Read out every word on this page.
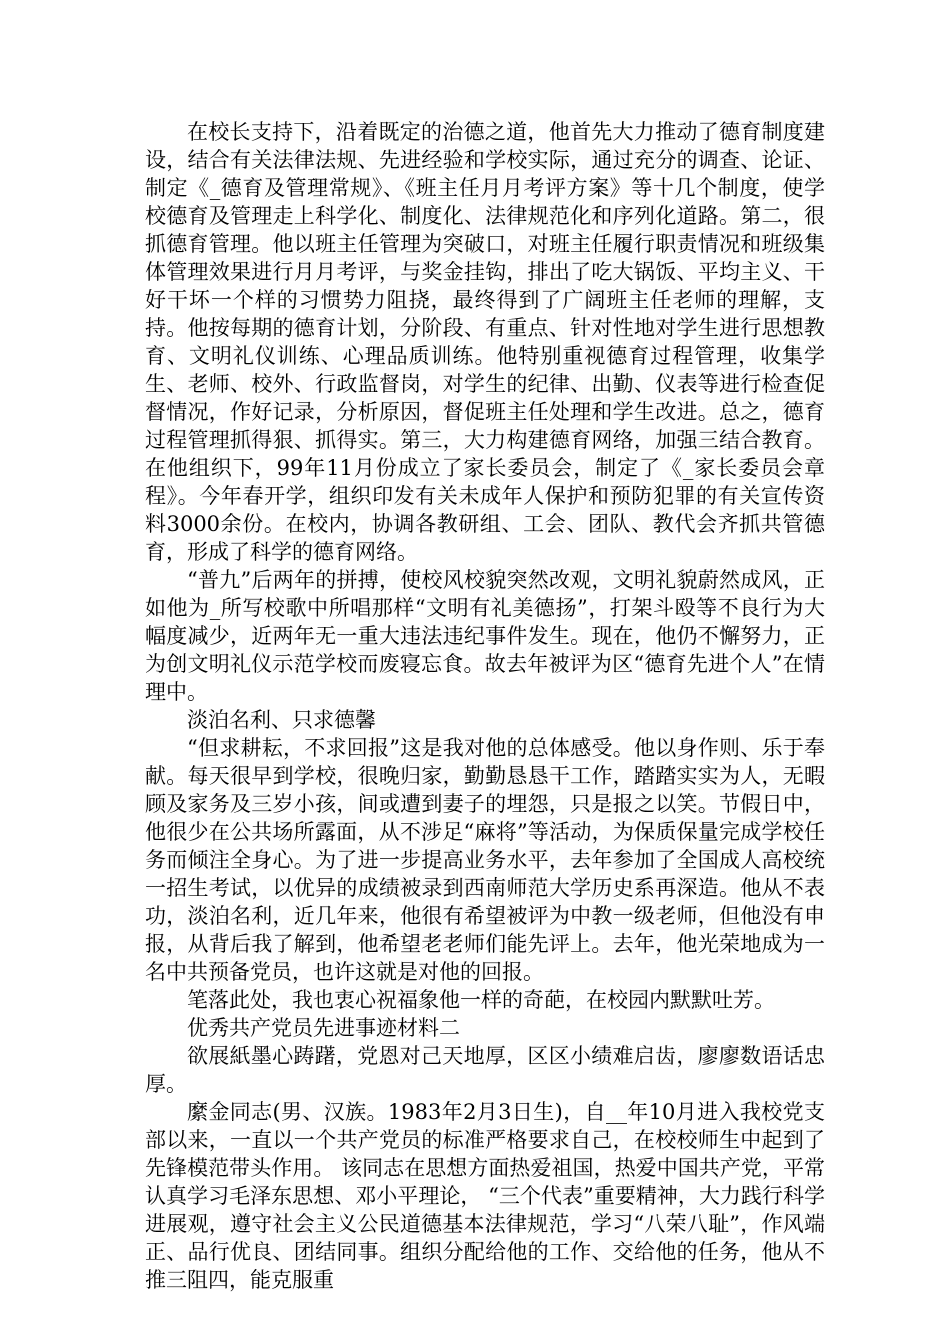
在校长支持下，沿着既定的治德之道，他首先大力推动了德育制度建设，结合有关法律法规、先进经验和学校实际，通过充分的调查、论证、制定《_德育及管理常规》、《班主任月月考评方案》等十几个制度，使学校德育及管理走上科学化、制度化、法律规范化和序列化道路。第二，很抓德育管理。他以班主任管理为突破口，对班主任履行职责情况和班级集体管理效果进行月月考评，与奖金挂钩，排出了吃大锅饭、平均主义、干好干坏一个样的习惯势力阻挠，最终得到了广阔班主任老师的理解，支持。他按每期的德育计划，分阶段、有重点、针对性地对学生进行思想教育、文明礼仪训练、心理品质训练。他特别重视德育过程管理，收集学生、老师、校外、行政监督岗，对学生的纪律、出勤、仪表等进行检查促督情况，作好记录，分析原因，督促班主任处理和学生改进。总之，德育过程管理抓得狠、抓得实。第三，大力构建德育网络，加强三结合教育。在他组织下，99年11月份成立了家长委员会，制定了《_家长委员会章程》。今年春开学，组织印发有关未成年人保护和预防犯罪的有关宣传资料3000余份。在校内，协调各教研组、工会、团队、教代会齐抓共管德育，形成了科学的德育网络。

“普九”后两年的拼搏，使校风校貌突然改观，文明礼貌蔚然成风，正如他为_所写校歌中所唱那样“文明有礼美德扬”，打架斗殴等不良行为大幅度减少，近两年无一重大违法违纪事件发生。现在，他仍不懈努力，正为创文明礼仪示范学校而废寝忘食。故去年被评为区“德育先进个人”在情理中。

淡泊名利、只求德馨

“但求耕耘，不求回报”这是我对他的总体感受。他以身作则、乐于奉献。每天很早到学校，很晚归家，勤勤恳恳干工作，踏踏实实为人，无暇顾及家务及三岁小孩，间或遭到妻子的埋怨，只是报之以笑。节假日中，他很少在公共场所露面，从不涉足“麻将”等活动，为保质保量完成学校任务而倾注全身心。为了进一步提高业务水平，去年参加了全国成人高校统一招生考试，以优异的成绩被录到西南师范大学历史系再深造。他从不表功，淡泊名利，近几年来，他很有希望被评为中教一级老师，但他没有申报，从背后我了解到，他希望老老师们能先评上。去年，他光荣地成为一名中共预备党员，也许这就是对他的回报。

笔落此处，我也衷心祝福象他一样的奇葩，在校园内默默吐芳。

优秀共产党员先进事迹材料二

欲展紙墨心踌躇，党恩对己天地厚，区区小绩难启齿，廖廖数语话忠厚。

縻金同志(男、汉族。1983年2月3日生)，自__年10月进入我校党支部以来，一直以一个共产党员的标准严格要求自己，在校校师生中起到了先锋模范带头作用。 该同志在思想方面热爱祖国，热爱中国共产党，平常认真学习毛泽东思想、邓小平理论， “三个代表”重要精神，大力践行科学进展观，遵守社会主义公民道德基本法律规范，学习“八荣八耻”，作风端正、品行优良、团结同事。组织分配给他的工作、交给他的任务，他从不推三阻四，能克服重
